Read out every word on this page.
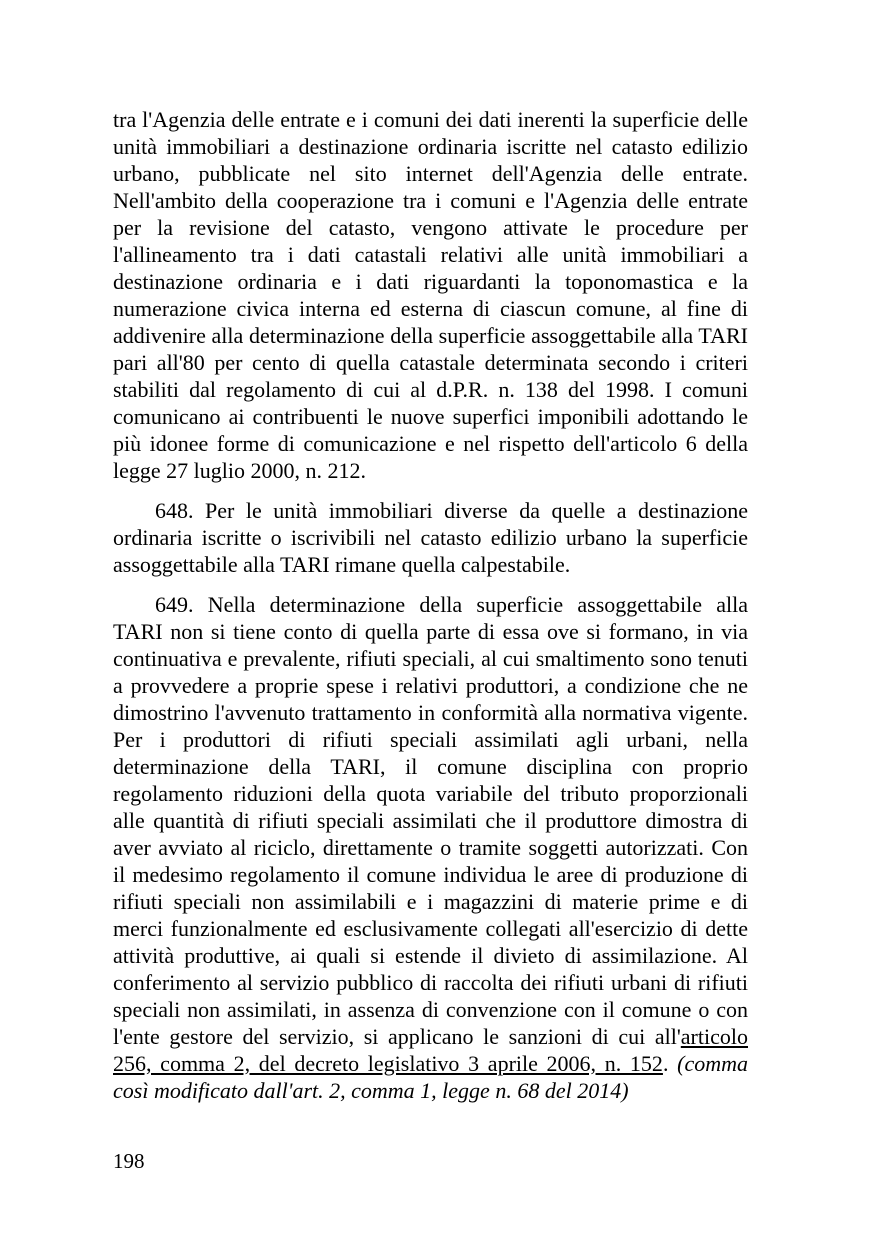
tra l'Agenzia delle entrate e i comuni dei dati inerenti la superficie delle unità immobiliari a destinazione ordinaria iscritte nel catasto edilizio urbano, pubblicate nel sito internet dell'Agenzia delle entrate. Nell'ambito della cooperazione tra i comuni e l'Agenzia delle entrate per la revisione del catasto, vengono attivate le procedure per l'allineamento tra i dati catastali relativi alle unità immobiliari a destinazione ordinaria e i dati riguardanti la toponomastica e la numerazione civica interna ed esterna di ciascun comune, al fine di addivenire alla determinazione della superficie assoggettabile alla TARI pari all'80 per cento di quella catastale determinata secondo i criteri stabiliti dal regolamento di cui al d.P.R. n. 138 del 1998. I comuni comunicano ai contribuenti le nuove superfici imponibili adottando le più idonee forme di comunicazione e nel rispetto dell'articolo 6 della legge 27 luglio 2000, n. 212.

648. Per le unità immobiliari diverse da quelle a destinazione ordinaria iscritte o iscrivibili nel catasto edilizio urbano la superficie assoggettabile alla TARI rimane quella calpestabile.

649. Nella determinazione della superficie assoggettabile alla TARI non si tiene conto di quella parte di essa ove si formano, in via continuativa e prevalente, rifiuti speciali, al cui smaltimento sono tenuti a provvedere a proprie spese i relativi produttori, a condizione che ne dimostrino l'avvenuto trattamento in conformità alla normativa vigente. Per i produttori di rifiuti speciali assimilati agli urbani, nella determinazione della TARI, il comune disciplina con proprio regolamento riduzioni della quota variabile del tributo proporzionali alle quantità di rifiuti speciali assimilati che il produttore dimostra di aver avviato al riciclo, direttamente o tramite soggetti autorizzati. Con il medesimo regolamento il comune individua le aree di produzione di rifiuti speciali non assimilabili e i magazzini di materie prime e di merci funzionalmente ed esclusivamente collegati all'esercizio di dette attività produttive, ai quali si estende il divieto di assimilazione. Al conferimento al servizio pubblico di raccolta dei rifiuti urbani di rifiuti speciali non assimilati, in assenza di convenzione con il comune o con l'ente gestore del servizio, si applicano le sanzioni di cui all'articolo 256, comma 2, del decreto legislativo 3 aprile 2006, n. 152. (comma così modificato dall'art. 2, comma 1, legge n. 68 del 2014)

198
